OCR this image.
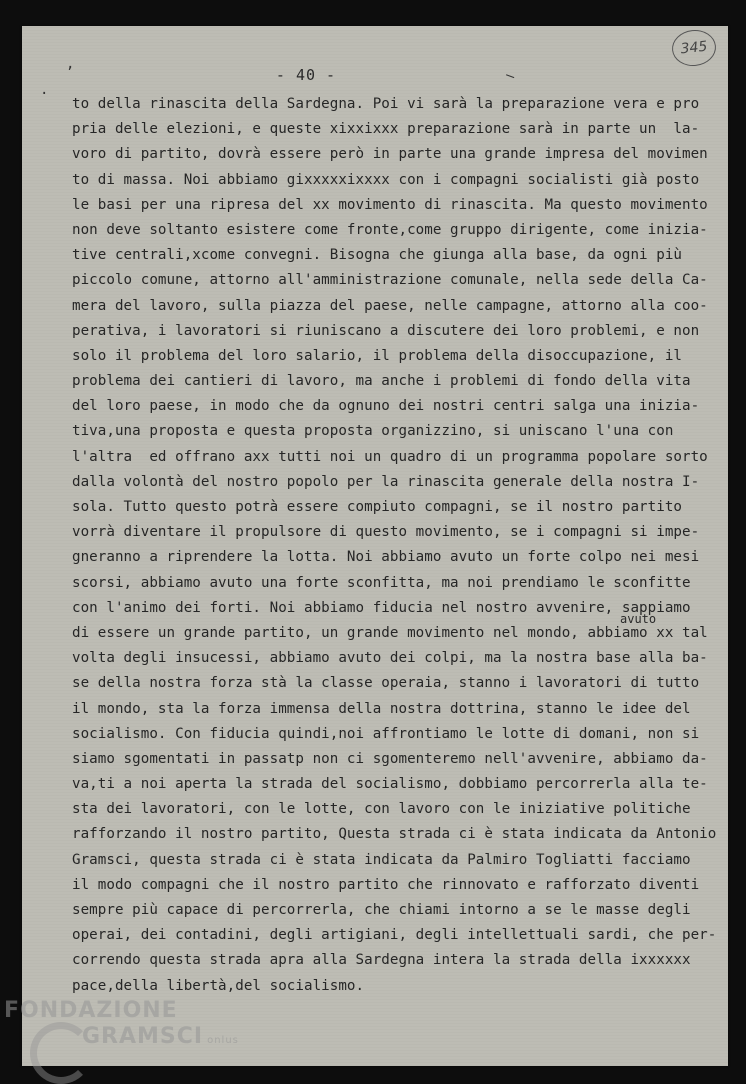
345
,
·
—
- 40 -
to della rinascita della Sardegna. Poi vi sarà la preparazione vera e pro
pria delle elezioni, e queste xixxixxx preparazione sarà in parte un  la-
voro di partito, dovrà essere però in parte una grande impresa del movimen
to di massa. Noi abbiamo gixxxxxixxxx con i compagni socialisti già posto
le basi per una ripresa del xx movimento di rinascita. Ma questo movimento
non deve soltanto esistere come fronte,come gruppo dirigente, come inizia-
tive centrali,xcome convegni. Bisogna che giunga alla base, da ogni più
piccolo comune, attorno all'amministrazione comunale, nella sede della Ca-
mera del lavoro, sulla piazza del paese, nelle campagne, attorno alla coo-
perativa, i lavoratori si riuniscano a discutere dei loro problemi, e non
solo il problema del loro salario, il problema della disoccupazione, il
problema dei cantieri di lavoro, ma anche i problemi di fondo della vita
del loro paese, in modo che da ognuno dei nostri centri salga una inizia-
tiva,una proposta e questa proposta organizzino, si uniscano l'una con
l'altra  ed offrano axx tutti noi un quadro di un programma popolare sorto
dalla volontà del nostro popolo per la rinascita generale della nostra I-
sola. Tutto questo potrà essere compiuto compagni, se il nostro partito
vorrà diventare il propulsore di questo movimento, se i compagni si impe-
gneranno a riprendere la lotta. Noi abbiamo avuto un forte colpo nei mesi
scorsi, abbiamo avuto una forte sconfitta, ma noi prendiamo le sconfitte
con l'animo dei forti. Noi abbiamo fiducia nel nostro avvenire, sappiamo
di essere un grande partito, un grande movimento nel mondo, abbiamo xx tal
volta degli insucessi, abbiamo avuto dei colpi, ma la nostra base alla ba-
se della nostra forza stà la classe operaia, stanno i lavoratori di tutto
il mondo, sta la forza immensa della nostra dottrina, stanno le idee del
socialismo. Con fiducia quindi,noi affrontiamo le lotte di domani, non si
siamo sgomentati in passatp non ci sgomenteremo nell'avvenire, abbiamo da-
va,ti a noi aperta la strada del socialismo, dobbiamo percorrerla alla te-
sta dei lavoratori, con le lotte, con lavoro con le iniziative politiche
rafforzando il nostro partito, Questa strada ci è stata indicata da Antonio
Gramsci, questa strada ci è stata indicata da Palmiro Togliatti facciamo
il modo compagni che il nostro partito che rinnovato e rafforzato diventi
sempre più capace di percorrerla, che chiami intorno a se le masse degli
operai, dei contadini, degli artigiani, degli intellettuali sardi, che per-
correndo questa strada apra alla Sardegna intera la strada della ixxxxxx
pace,della libertà,del socialismo.
avuto
FONDAZIONE
GRAMSCI onlus
